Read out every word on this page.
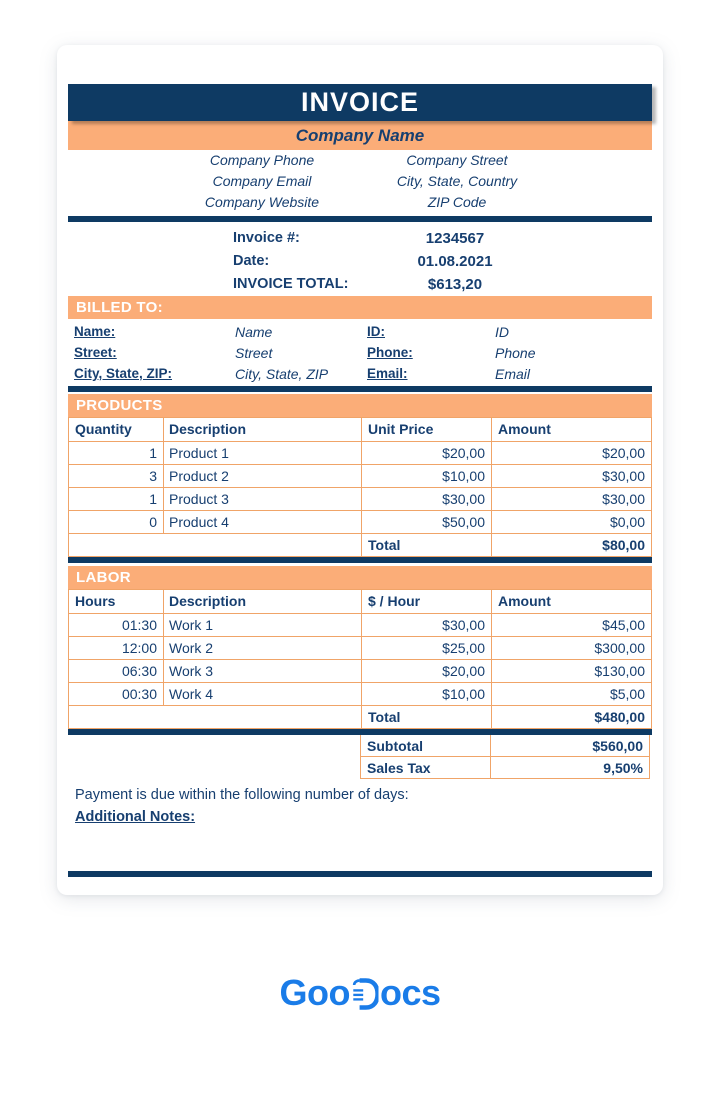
INVOICE
Company Name
Company Phone	Company Street
Company Email	City, State, Country
Company Website	ZIP Code
Invoice #:	1234567
Date:	01.08.2021
INVOICE TOTAL:	$613,20
BILLED TO:
Name:	Name	ID:	ID
Street:	Street	Phone:	Phone
City, State, ZIP:	City, State, ZIP	Email:	Email
PRODUCTS
Quantity	Description	Unit Price	Amount
1 Product 1	$20,00	$20,00
3 Product 2	$10,00	$30,00
1 Product 3	$30,00	$30,00
0 Product 4	$50,00	$0,00
Total	$80,00
LABOR
Hours	Description	$ / Hour	Amount
01:30 Work 1	$30,00	$45,00
12:00 Work 2	$25,00	$300,00
06:30 Work 3	$20,00	$130,00
00:30 Work 4	$10,00	$5,00
Total	$480,00
Subtotal	$560,00
Sales Tax	9,50%
Payment is due within the following number of days:
Additional Notes:
Goo ocs
